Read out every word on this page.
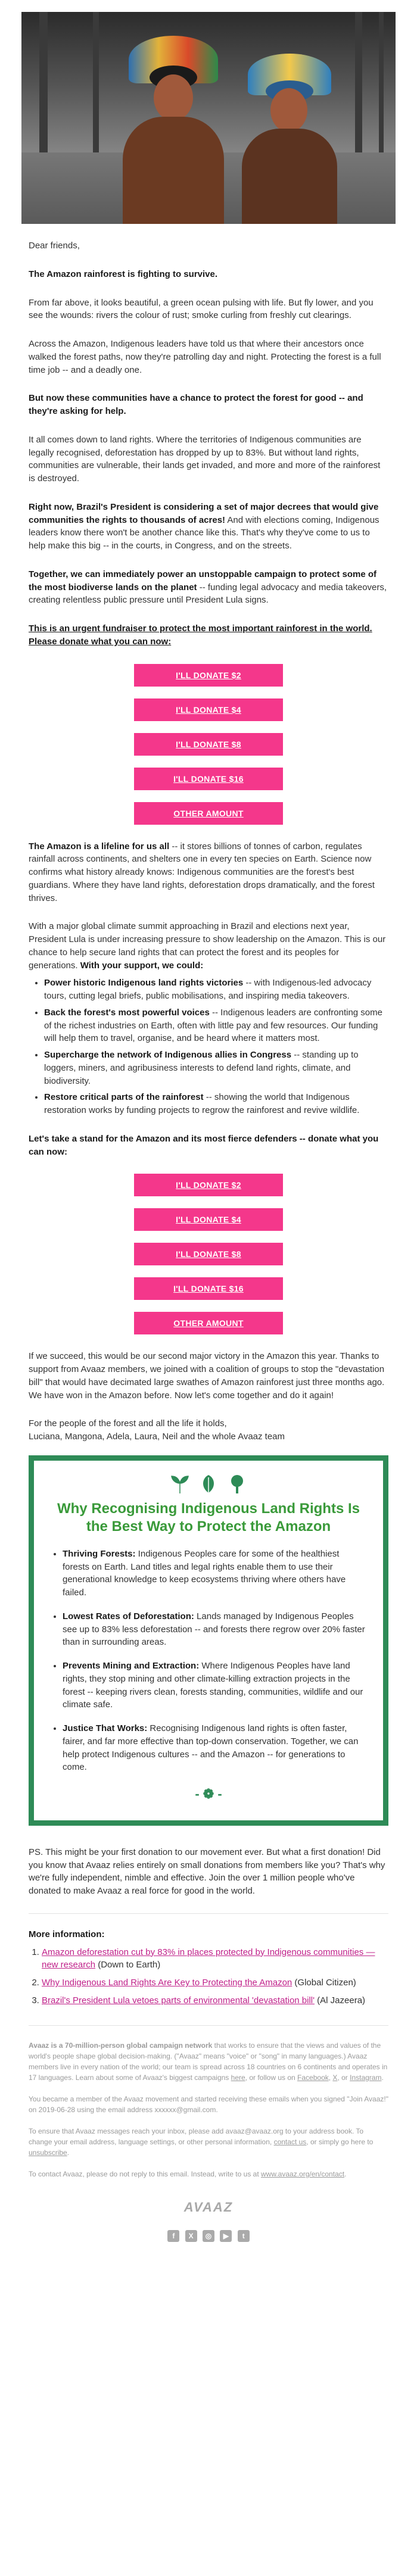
Dear friends,

The Amazon rainforest is fighting to survive.

From far above, it looks beautiful, a green ocean pulsing with life. But fly lower, and you see the wounds: rivers the colour of rust; smoke curling from freshly cut clearings.

Across the Amazon, Indigenous leaders have told us that where their ancestors once walked the forest paths, now they're patrolling day and night. Protecting the forest is a full time job -- and a deadly one.

But now these communities have a chance to protect the forest for good -- and they're asking for help.

It all comes down to land rights. Where the territories of Indigenous communities are legally recognised, deforestation has dropped by up to 83%. But without land rights, communities are vulnerable, their lands get invaded, and more and more of the rainforest is destroyed.

Right now, Brazil's President is considering a set of major decrees that would give communities the rights to thousands of acres! And with elections coming, Indigenous leaders know there won't be another chance like this. That's why they've come to us to help make this big -- in the courts, in Congress, and on the streets.

Together, we can immediately power an unstoppable campaign to protect some of the most biodiverse lands on the planet -- funding legal advocacy and media takeovers, creating relentless public pressure until President Lula signs.

This is an urgent fundraiser to protect the most important rainforest in the world. Please donate what you can now:

I'LL DONATE $2
I'LL DONATE $4
I'LL DONATE $8
I'LL DONATE $16
OTHER AMOUNT

The Amazon is a lifeline for us all -- it stores billions of tonnes of carbon, regulates rainfall across continents, and shelters one in every ten species on Earth. Science now confirms what history already knows: Indigenous communities are the forest's best guardians. Where they have land rights, deforestation drops dramatically, and the forest thrives.

With a major global climate summit approaching in Brazil and elections next year, President Lula is under increasing pressure to show leadership on the Amazon. This is our chance to help secure land rights that can protect the forest and its peoples for generations. With your support, we could:

• Power historic Indigenous land rights victories -- with Indigenous-led advocacy tours, cutting legal briefs, public mobilisations, and inspiring media takeovers.
• Back the forest's most powerful voices -- Indigenous leaders are confronting some of the richest industries on Earth, often with little pay and few resources. Our funding will help them to travel, organise, and be heard where it matters most.
• Supercharge the network of Indigenous allies in Congress -- standing up to loggers, miners, and agribusiness interests to defend land rights, climate, and biodiversity.
• Restore critical parts of the rainforest -- showing the world that Indigenous restoration works by funding projects to regrow the rainforest and revive wildlife.

Let's take a stand for the Amazon and its most fierce defenders -- donate what you can now:

I'LL DONATE $2
I'LL DONATE $4
I'LL DONATE $8
I'LL DONATE $16
OTHER AMOUNT

If we succeed, this would be our second major victory in the Amazon this year. Thanks to support from Avaaz members, we joined with a coalition of groups to stop the "devastation bill" that would have decimated large swathes of Amazon rainforest just three months ago. We have won in the Amazon before. Now let's come together and do it again!

For the people of the forest and all the life it holds,
Luciana, Mangona, Adela, Laura, Neil and the whole Avaaz team

Why Recognising Indigenous Land Rights Is the Best Way to Protect the Amazon
• Thriving Forests: Indigenous Peoples care for some of the healthiest forests on Earth. Land titles and legal rights enable them to use their generational knowledge to keep ecosystems thriving where others have failed.
• Lowest Rates of Deforestation: Lands managed by Indigenous Peoples see up to 83% less deforestation -- and forests there regrow over 20% faster than in surrounding areas.
• Prevents Mining and Extraction: Where Indigenous Peoples have land rights, they stop mining and other climate-killing extraction projects in the forest -- keeping rivers clean, forests standing, communities, wildlife and our climate safe.
• Justice That Works: Recognising Indigenous land rights is often faster, fairer, and far more effective than top-down conservation. Together, we can help protect Indigenous cultures -- and the Amazon -- for generations to come.
- ❁ -

PS. This might be your first donation to our movement ever. But what a first donation! Did you know that Avaaz relies entirely on small donations from members like you? That's why we're fully independent, nimble and effective. Join the over 1 million people who've donated to make Avaaz a real force for good in the world.

More information:
1. Amazon deforestation cut by 83% in places protected by Indigenous communities — new research (Down to Earth)
2. Why Indigenous Land Rights Are Key to Protecting the Amazon (Global Citizen)
3. Brazil's President Lula vetoes parts of environmental 'devastation bill' (Al Jazeera)

Avaaz is a 70-million-person global campaign network that works to ensure that the views and values of the world's people shape global decision-making. ("Avaaz" means "voice" or "song" in many languages.) Avaaz members live in every nation of the world; our team is spread across 18 countries on 6 continents and operates in 17 languages. Learn about some of Avaaz's biggest campaigns here, or follow us on Facebook, X, or Instagram.

You became a member of the Avaaz movement and started receiving these emails when you signed "Join Avaaz!" on 2019-06-28 using the email address xxxxxx@gmail.com.

To ensure that Avaaz messages reach your inbox, please add avaaz@avaaz.org to your address book. To change your email address, language settings, or other personal information, contact us, or simply go here to unsubscribe.

To contact Avaaz, please do not reply to this email. Instead, write to us at www.avaaz.org/en/contact.

AVAAZ
f X ◎ ▶ t
